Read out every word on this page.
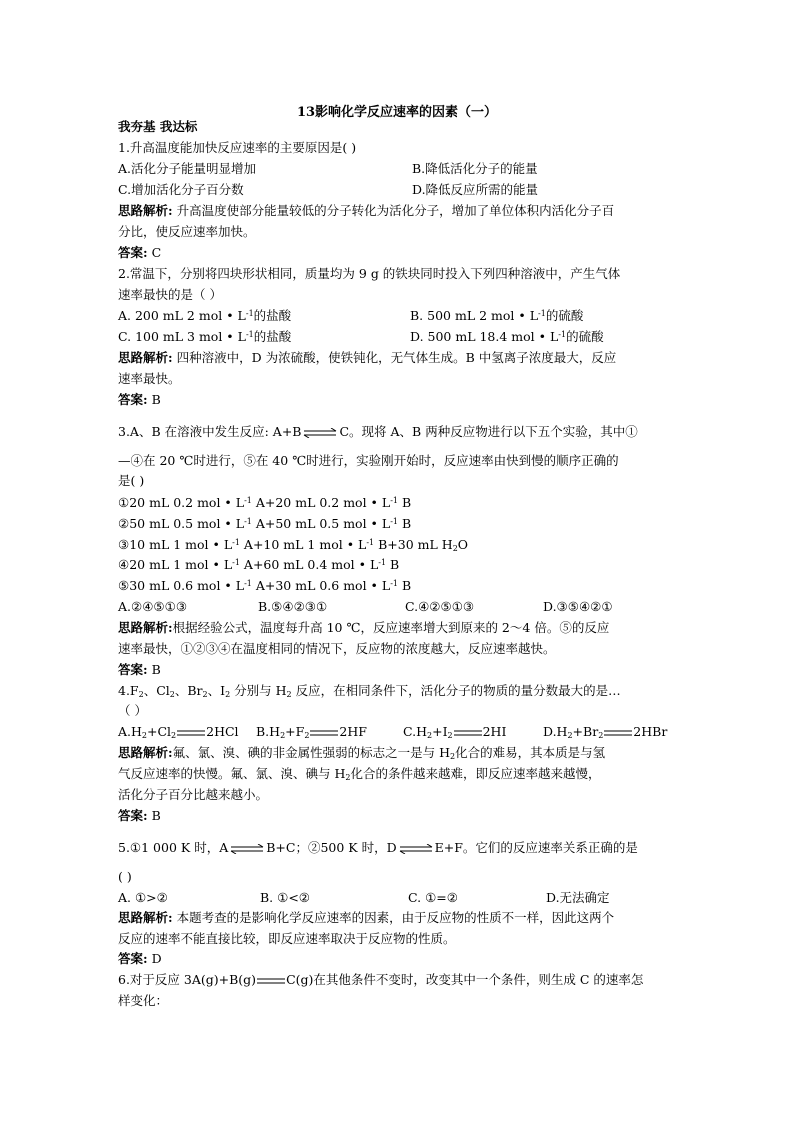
13影响化学反应速率的因素（一）
我夯基 我达标
1.升高温度能加快反应速率的主要原因是( )
A.活化分子能量明显增加	B.降低活化分子的能量
C.增加活化分子百分数	D.降低反应所需的能量
思路解析: 升高温度使部分能量较低的分子转化为活化分子，增加了单位体积内活化分子百
分比，使反应速率加快。
答案: C
2.常温下，分别将四块形状相同，质量均为 9 g 的铁块同时投入下列四种溶液中，产生气体
速率最快的是（ ）
A. 200 mL 2 mol • $L^{-1}$的盐酸	B. 500 mL 2 mol • $L^{-1}$的硫酸
C. 100 mL 3 mol • $L^{-1}$的盐酸	D. 500 mL 18.4 mol • $L^{-1}$的硫酸
思路解析: 四种溶液中，D 为浓硫酸，使铁钝化，无气体生成。B 中氢离子浓度最大，反应
速率最快。
答案: B
3.A、B 在溶液中发生反应: A+B⇌C。现将 A、B 两种反应物进行以下五个实验，其中①
—④在 20 ℃时进行，⑤在 40 ℃时进行，实验刚开始时，反应速率由快到慢的顺序正确的
是( )
①20 mL 0.2 mol • $L^{-1}$ A+20 mL 0.2 mol • $L^{-1}$ B
②50 mL 0.5 mol • $L^{-1}$ A+50 mL 0.5 mol • $L^{-1}$ B
③10 mL 1 mol • $L^{-1}$ A+10 mL 1 mol • $L^{-1}$ B+30 mL $H_2O$
④20 mL 1 mol • $L^{-1}$ A+60 mL 0.4 mol • $L^{-1}$ B
⑤30 mL 0.6 mol • $L^{-1}$ A+30 mL 0.6 mol • $L^{-1}$ B
A.②④⑤①③	B.⑤④②③①	C.④②⑤①③	D.③⑤④②①
思路解析:根据经验公式，温度每升高 10 ℃，反应速率增大到原来的 2～4 倍。⑤的反应
速率最快，①②③④在温度相同的情况下，反应物的浓度越大，反应速率越快。
答案: B
$4.F_2$、$Cl_2$、$Br_2$、$I_2$ 分别与 $H_2$ 反应，在相同条件下，活化分子的物质的量分数最大的是…
（ ）
$A.H_2+Cl_2$ 2HCl $B.H_2+F_2$ 2HF	$C.H_2+I_2$ 2HI	$D.H_2+Br_2$ 2HBr
思路解析:氟、氯、溴、碘的非金属性强弱的标志之一是与 $H_2$化合的难易，其本质是与氢
气反应速率的快慢。氟、氯、溴、碘与 $H_2$化合的条件越来越难，即反应速率越来越慢，
活化分子百分比越来越小。
答案: B
5.①1 000 K 时，A⇌B+C；②500 K 时，D⇌E+F。它们的反应速率关系正确的是
( )
A. ①>②	B. ①<②	C. ①=②	D.无法确定
思路解析: 本题考查的是影响化学反应速率的因素，由于反应物的性质不一样，因此这两个
反应的速率不能直接比较，即反应速率取决于反应物的性质。
答案: D
6.对于反应 3A(g)+B(g) C(g)在其他条件不变时，改变其中一个条件，则生成 C 的速率怎
样变化：
